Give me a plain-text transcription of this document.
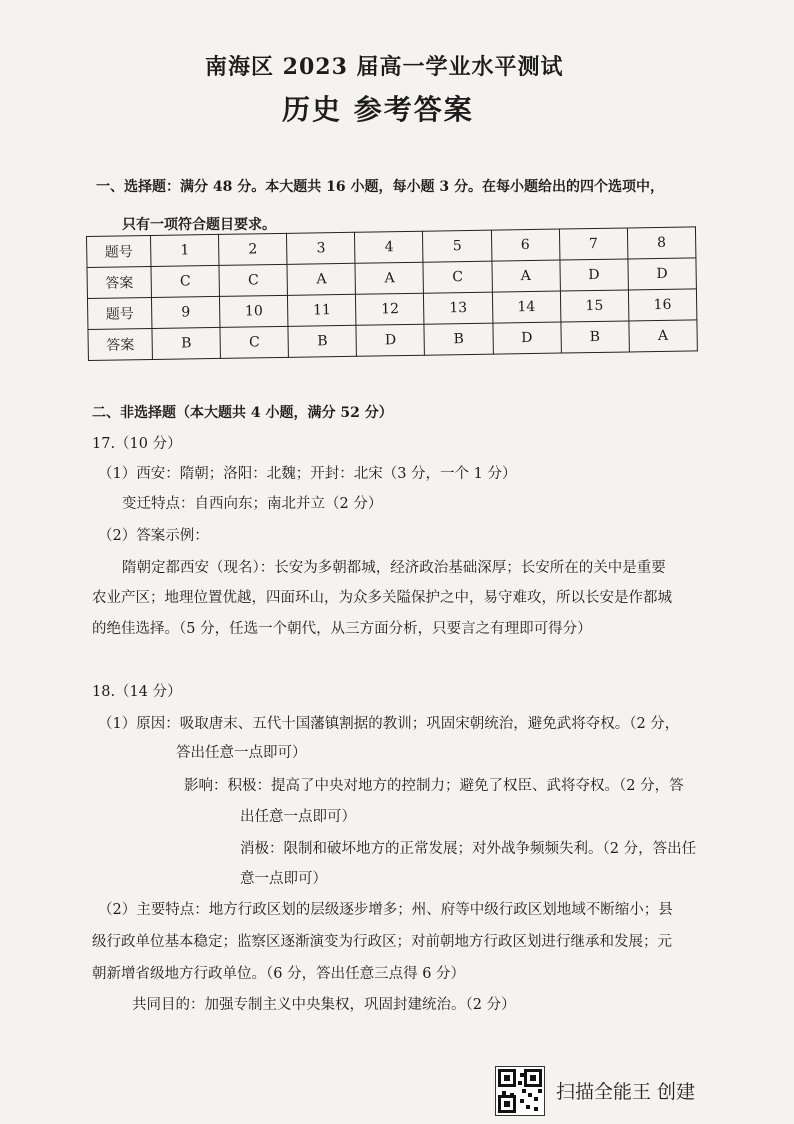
南海区 2023 届高一学业水平测试
历史 参考答案
一、选择题：满分 48 分。本大题共 16 小题，每小题 3 分。在每小题给出的四个选项中，
只有一项符合题目要求。
题号	1	2	3	4	5	6	7	8
答案	C	C	A	A	C	A	D	D
题号	9	10	11	12	13	14	15	16
答案	B	C	B	D	B	D	B	A
二、非选择题（本大题共 4 小题，满分 52 分）
17.（10 分）
（1）西安：隋朝；洛阳：北魏；开封：北宋（3 分，一个 1 分）
变迁特点：自西向东；南北并立（2 分）
（2）答案示例：
隋朝定都西安（现名）：长安为多朝都城，经济政治基础深厚；长安所在的关中是重要
农业产区；地理位置优越，四面环山，为众多关隘保护之中，易守难攻，所以长安是作都城
的绝佳选择。（5 分，任选一个朝代，从三方面分析，只要言之有理即可得分）
18.（14 分）
（1）原因：吸取唐末、五代十国藩镇割据的教训；巩固宋朝统治，避免武将夺权。（2 分，
答出任意一点即可）
影响：积极：提高了中央对地方的控制力；避免了权臣、武将夺权。（2 分，答
出任意一点即可）
消极：限制和破坏地方的正常发展；对外战争频频失利。（2 分，答出任
意一点即可）
（2）主要特点：地方行政区划的层级逐步增多；州、府等中级行政区划地域不断缩小；县
级行政单位基本稳定；监察区逐渐演变为行政区；对前朝地方行政区划进行继承和发展；元
朝新增省级地方行政单位。（6 分，答出任意三点得 6 分）
共同目的：加强专制主义中央集权，巩固封建统治。（2 分）
扫描全能王 创建
